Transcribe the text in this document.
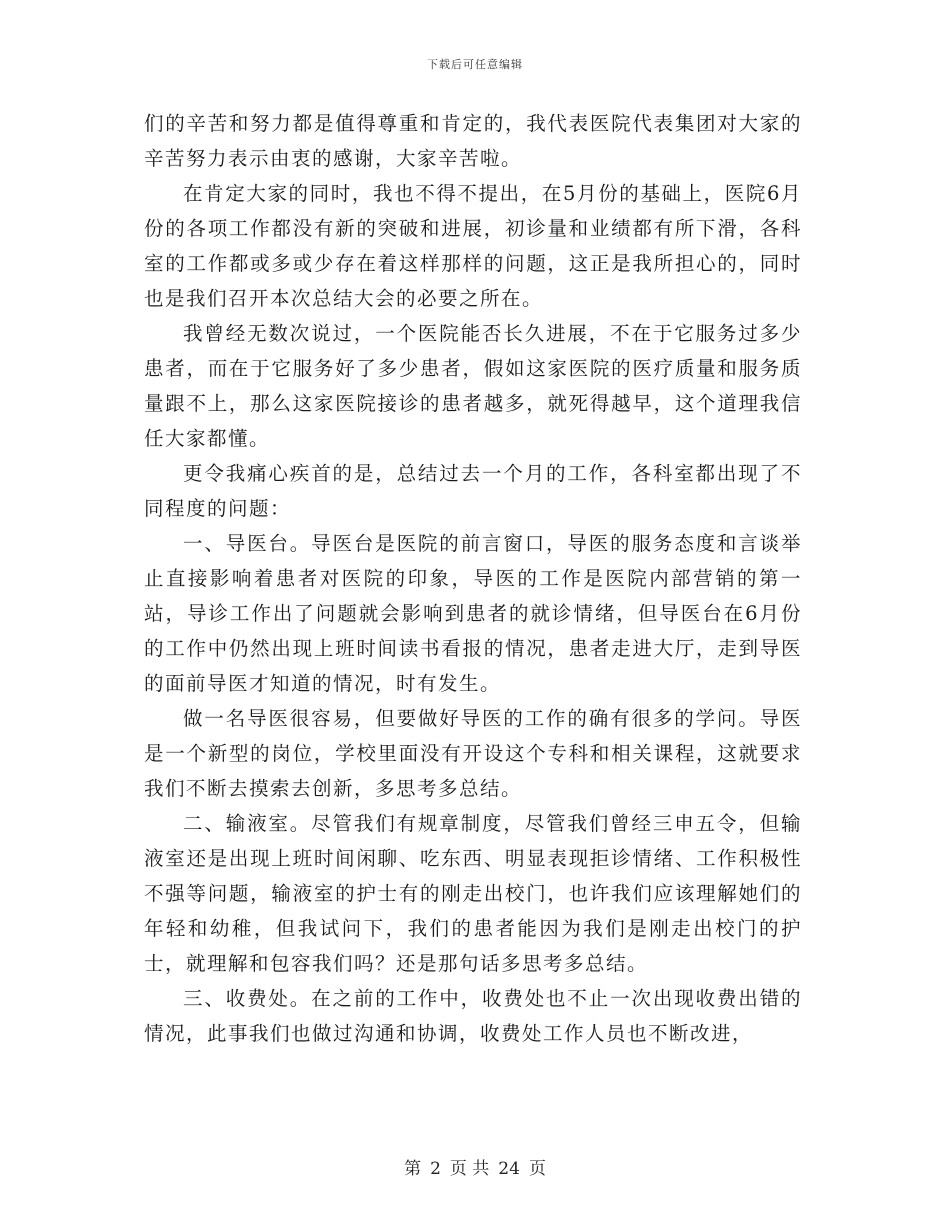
下载后可任意编辑

们的辛苦和努力都是值得尊重和肯定的，我代表医院代表集团对大家的辛苦努力表示由衷的感谢，大家辛苦啦。

在肯定大家的同时，我也不得不提出，在5月份的基础上，医院6月份的各项工作都没有新的突破和进展，初诊量和业绩都有所下滑，各科室的工作都或多或少存在着这样那样的问题，这正是我所担心的，同时也是我们召开本次总结大会的必要之所在。

我曾经无数次说过，一个医院能否长久进展，不在于它服务过多少患者，而在于它服务好了多少患者，假如这家医院的医疗质量和服务质量跟不上，那么这家医院接诊的患者越多，就死得越早，这个道理我信任大家都懂。

更令我痛心疾首的是，总结过去一个月的工作，各科室都出现了不同程度的问题：

一、导医台。导医台是医院的前言窗口，导医的服务态度和言谈举止直接影响着患者对医院的印象，导医的工作是医院内部营销的第一站，导诊工作出了问题就会影响到患者的就诊情绪，但导医台在6月份的工作中仍然出现上班时间读书看报的情况，患者走进大厅，走到导医的面前导医才知道的情况，时有发生。

做一名导医很容易，但要做好导医的工作的确有很多的学问。导医是一个新型的岗位，学校里面没有开设这个专科和相关课程，这就要求我们不断去摸索去创新，多思考多总结。

二、输液室。尽管我们有规章制度，尽管我们曾经三申五令，但输液室还是出现上班时间闲聊、吃东西、明显表现拒诊情绪、工作积极性不强等问题，输液室的护士有的刚走出校门，也许我们应该理解她们的年轻和幼稚，但我试问下，我们的患者能因为我们是刚走出校门的护士，就理解和包容我们吗？还是那句话多思考多总结。

三、收费处。在之前的工作中，收费处也不止一次出现收费出错的情况，此事我们也做过沟通和协调，收费处工作人员也不断改进，

第 2 页 共 24 页
